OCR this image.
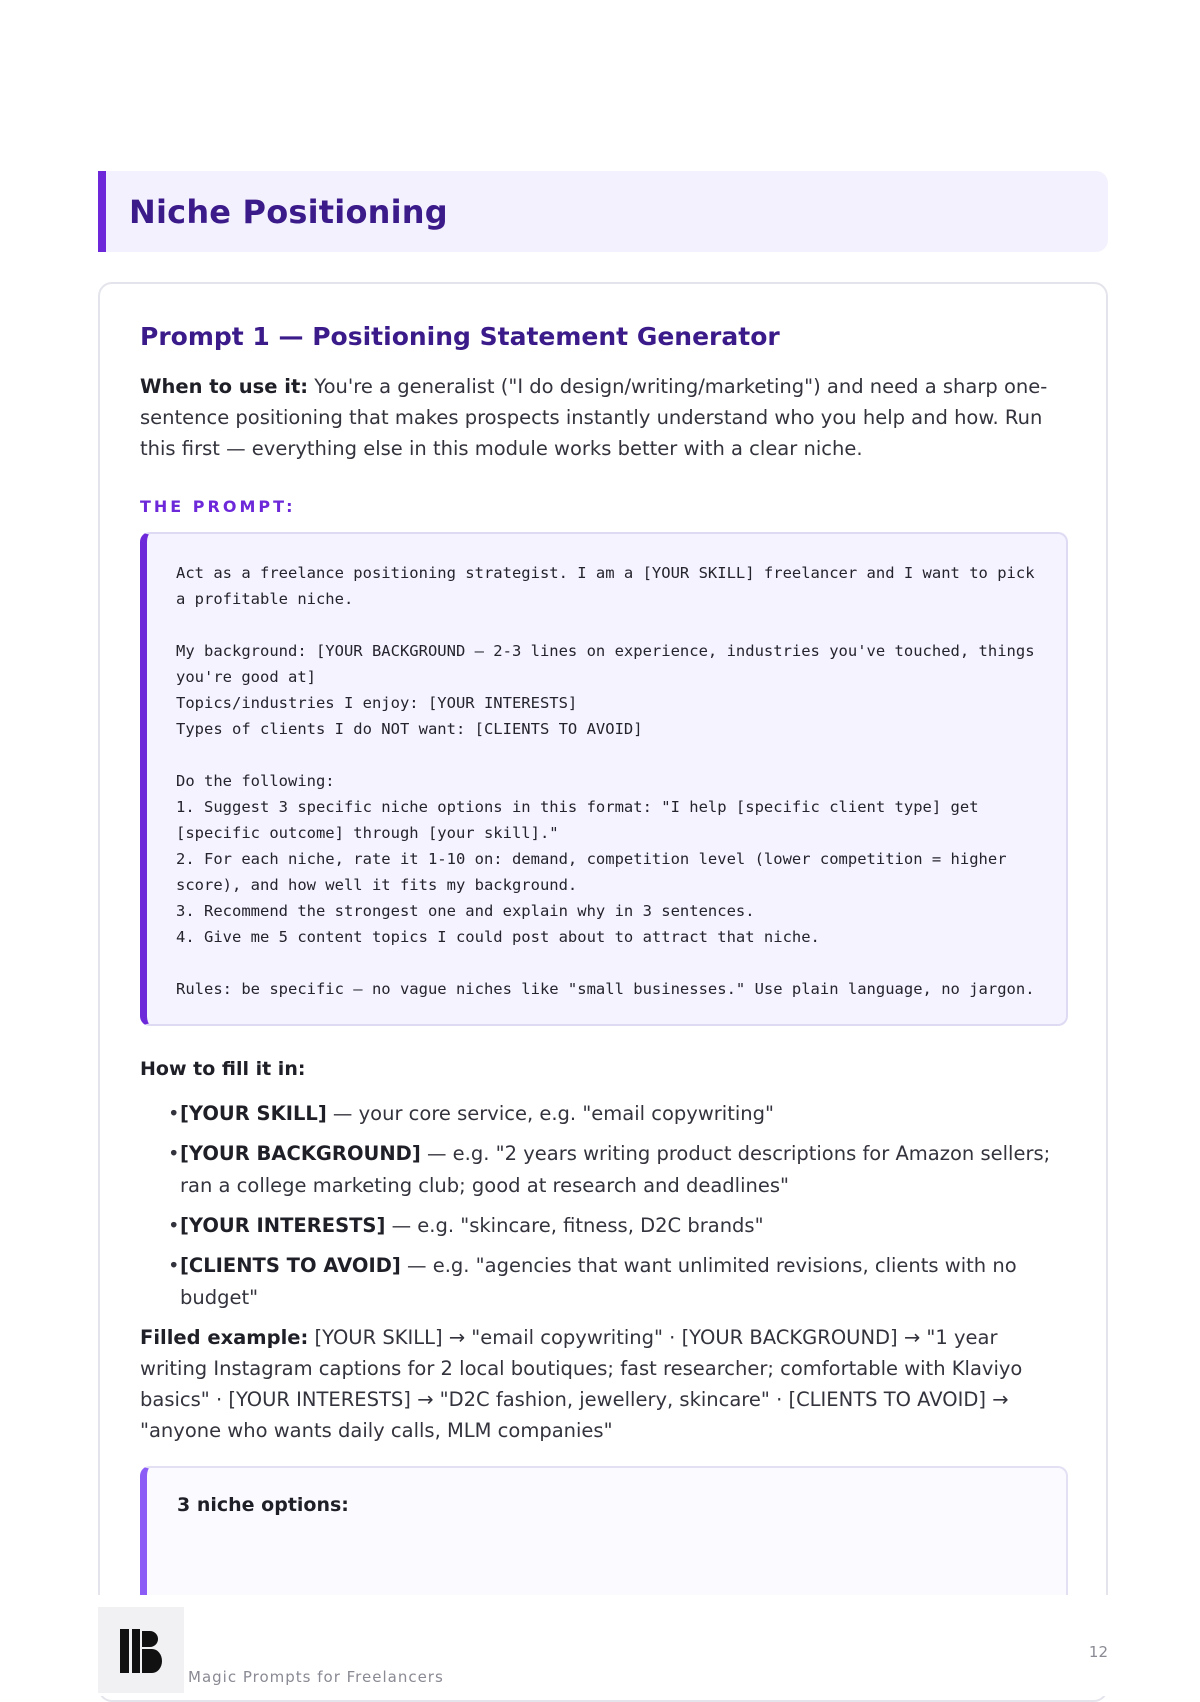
Niche Positioning
Prompt 1 — Positioning Statement Generator

When to use it: You're a generalist ("I do design/writing/marketing") and need a sharp one-sentence positioning that makes prospects instantly understand who you help and how. Run this first — everything else in this module works better with a clear niche.

THE PROMPT:
Act as a freelance positioning strategist. I am a [YOUR SKILL] freelancer and I want to pick a profitable niche.

My background: [YOUR BACKGROUND – 2-3 lines on experience, industries you've touched, things you're good at]
Topics/industries I enjoy: [YOUR INTERESTS]
Types of clients I do NOT want: [CLIENTS TO AVOID]

Do the following:
1. Suggest 3 specific niche options in this format: "I help [specific client type] get [specific outcome] through [your skill]."
2. For each niche, rate it 1-10 on: demand, competition level (lower competition = higher score), and how well it fits my background.
3. Recommend the strongest one and explain why in 3 sentences.
4. Give me 5 content topics I could post about to attract that niche.

Rules: be specific – no vague niches like "small businesses." Use plain language, no jargon.
How to fill it in:
• [YOUR SKILL] — your core service, e.g. "email copywriting"
• [YOUR BACKGROUND] — e.g. "2 years writing product descriptions for Amazon sellers; ran a college marketing club; good at research and deadlines"
• [YOUR INTERESTS] — e.g. "skincare, fitness, D2C brands"
• [CLIENTS TO AVOID] — e.g. "agencies that want unlimited revisions, clients with no budget"

Filled example: [YOUR SKILL] → "email copywriting" · [YOUR BACKGROUND] → "1 year writing Instagram captions for 2 local boutiques; fast researcher; comfortable with Klaviyo basics" · [YOUR INTERESTS] → "D2C fashion, jewellery, skincare" · [CLIENTS TO AVOID] → "anyone who wants daily calls, MLM companies"

3 niche options:
Magic Prompts for Freelancers
12
